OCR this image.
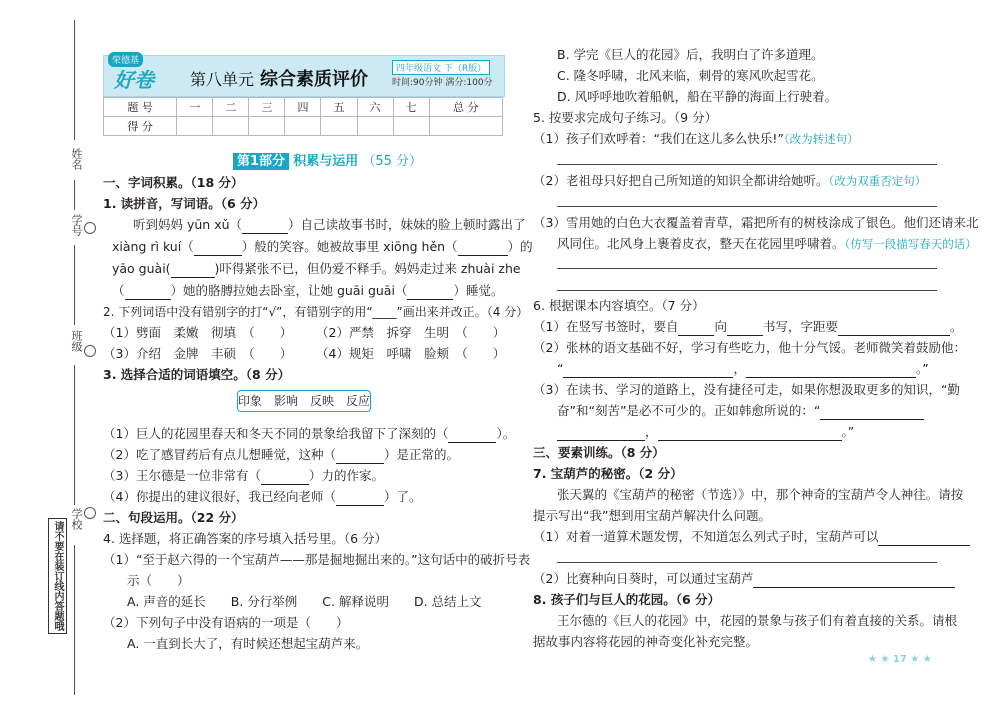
姓名
学号
班级
学校
请不要在装订线内答题哦
荣德基
好卷 第八单元 综合素质评价	四年级语文 下（R版）
时间:90分钟 满分:100分
题 号	一	二	三	四	五	六	七	总 分
得 分								
第1部分 积累与运用 （55 分）
一、字词积累。（18 分）
1. 读拼音，写词语。（6 分）
听到妈妈 yūn xǔ（	）自己读故事书时，妹妹的脸上顿时露出了
xiàng rì kuí（	）般的笑容。她被故事里 xiōng hěn（	）的
yāo guài(	)吓得紧张不已，但仍爱不释手。妈妈走过来 zhuài zhe
（	）她的胳膊拉她去卧室，让她 guāi guāi（	）睡觉。
2. 下列词语中没有错别字的打“√”，有错别字的用“____”画出来并改正。（4 分）
（1）劈面　柔嫩　彻填　（　　） （2）严禁　拆穿　生明　（　　）
（3）介绍　金牌　丰硕　（　　） （4）规矩　呼啸　脸颊　（　　）
3. 选择合适的词语填空。（8 分）
印象　影响　反映　反应
（1）巨人的花园里春天和冬天不同的景象给我留下了深刻的（	）。
（2）吃了感冒药后有点儿想睡觉，这种（	）是正常的。
（3）王尔德是一位非常有（	）力的作家。
（4）你提出的建议很好，我已经向老师（	）了。
二、句段运用。（22 分）
4. 选择题，将正确答案的序号填入括号里。（6 分）
（1）“至于赵六得的一个宝葫芦——那是掘地掘出来的。”这句话中的破折号表
示（　　）
A. 声音的延长　　B. 分行举例　　C. 解释说明　　D. 总结上文
（2）下列句子中没有语病的一项是（　　）
A. 一直到长大了，有时候还想起宝葫芦来。
B. 学完《巨人的花园》后，我明白了许多道理。
C. 隆冬呼啸，北风来临，刺骨的寒风吹起雪花。
D. 风呼呼地吹着船帆，船在平静的海面上行驶着。
5. 按要求完成句子练习。（9 分）
（1）孩子们欢呼着：“我们在这儿多么快乐!”（改为转述句）
（2）老祖母只好把自己所知道的知识全都讲给她听。（改为双重否定句）
（3）雪用她的白色大衣覆盖着青草，霜把所有的树枝涂成了银色。他们还请来北
风同住。北风身上裹着皮衣，整天在花园里呼啸着。（仿写一段描写春天的话）
6. 根据课本内容填空。（7 分）
（1）在竖写书签时，要自	向	书写，字距要	。
（2）张林的语文基础不好，学习有些吃力，他十分气馁。老师微笑着鼓励他：
“	，	。”
（3）在读书、学习的道路上，没有捷径可走，如果你想汲取更多的知识，“勤
奋”和“刻苦”是必不可少的。正如韩愈所说的：“
，	。”
三、要素训练。（8 分）
7. 宝葫芦的秘密。（2 分）
张天翼的《宝葫芦的秘密（节选）》中，那个神奇的宝葫芦令人神往。请按
提示写出“我”想到用宝葫芦解决什么问题。
（1）对着一道算术题发愣，不知道怎么列式子时，宝葫芦可以
（2）比赛种向日葵时，可以通过宝葫芦
8. 孩子们与巨人的花园。（6 分）
王尔德的《巨人的花园》中，花园的景象与孩子们有着直接的关系。请根
据故事内容将花园的神奇变化补充完整。
★ ★ 17 ★ ★
